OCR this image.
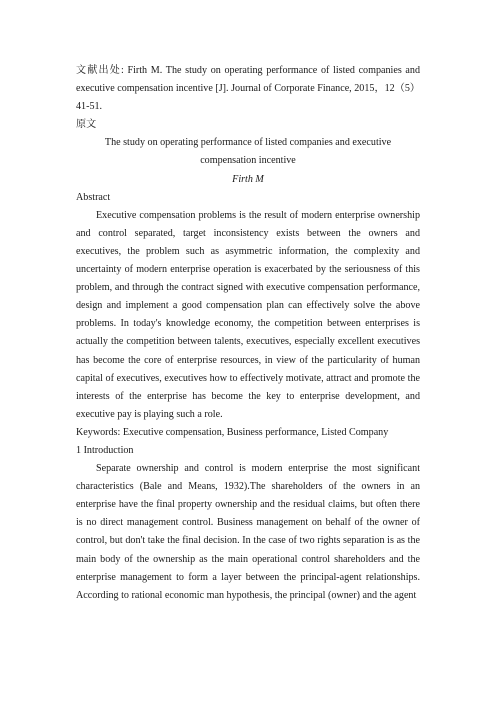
文献出处: Firth M. The study on operating performance of listed companies and executive compensation incentive [J]. Journal of Corporate Finance, 2015，12（5）41-51.

原文

The study on operating performance of listed companies and executive compensation incentive

Firth M

Abstract

Executive compensation problems is the result of modern enterprise ownership and control separated, target inconsistency exists between the owners and executives, the problem such as asymmetric information, the complexity and uncertainty of modern enterprise operation is exacerbated by the seriousness of this problem, and through the contract signed with executive compensation performance, design and implement a good compensation plan can effectively solve the above problems. In today's knowledge economy, the competition between enterprises is actually the competition between talents, executives, especially excellent executives has become the core of enterprise resources, in view of the particularity of human capital of executives, executives how to effectively motivate, attract and promote the interests of the enterprise has become the key to enterprise development, and executive pay is playing such a role.

Keywords: Executive compensation, Business performance, Listed Company

1 Introduction

Separate ownership and control is modern enterprise the most significant characteristics (Bale and Means, 1932).The shareholders of the owners in an enterprise have the final property ownership and the residual claims, but often there is no direct management control. Business management on behalf of the owner of control, but don't take the final decision. In the case of two rights separation is as the main body of the ownership as the main operational control shareholders and the enterprise management to form a layer between the principal-agent relationships. According to rational economic man hypothesis, the principal (owner) and the agent
